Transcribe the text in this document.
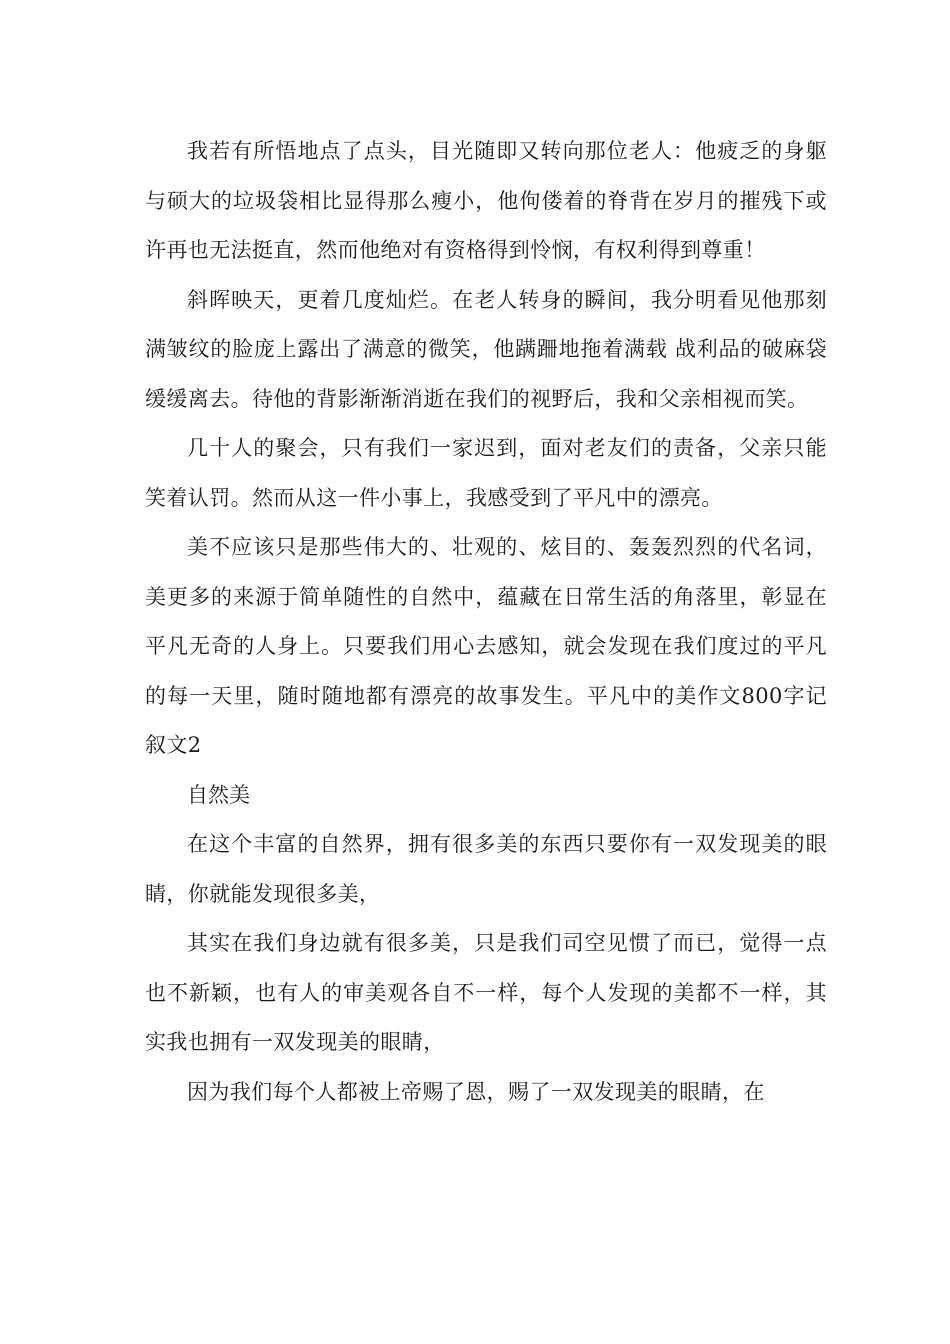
我若有所悟地点了点头，目光随即又转向那位老人：他疲乏的身躯与硕大的垃圾袋相比显得那么瘦小，他佝偻着的脊背在岁月的摧残下或许再也无法挺直，然而他绝对有资格得到怜悯，有权利得到尊重！

斜晖映天，更着几度灿烂。在老人转身的瞬间，我分明看见他那刻满皱纹的脸庞上露出了满意的微笑，他蹒跚地拖着满载 战利品的破麻袋缓缓离去。待他的背影渐渐消逝在我们的视野后，我和父亲相视而笑。

几十人的聚会，只有我们一家迟到，面对老友们的责备，父亲只能笑着认罚。然而从这一件小事上，我感受到了平凡中的漂亮。

美不应该只是那些伟大的、壮观的、炫目的、轰轰烈烈的代名词，美更多的来源于简单随性的自然中，蕴藏在日常生活的角落里，彰显在平凡无奇的人身上。只要我们用心去感知，就会发现在我们度过的平凡的每一天里，随时随地都有漂亮的故事发生。平凡中的美作文800字记叙文2

自然美

在这个丰富的自然界，拥有很多美的东西只要你有一双发现美的眼睛，你就能发现很多美，

其实在我们身边就有很多美，只是我们司空见惯了而已，觉得一点也不新颖，也有人的审美观各自不一样，每个人发现的美都不一样，其实我也拥有一双发现美的眼睛，

因为我们每个人都被上帝赐了恩，赐了一双发现美的眼睛，在
